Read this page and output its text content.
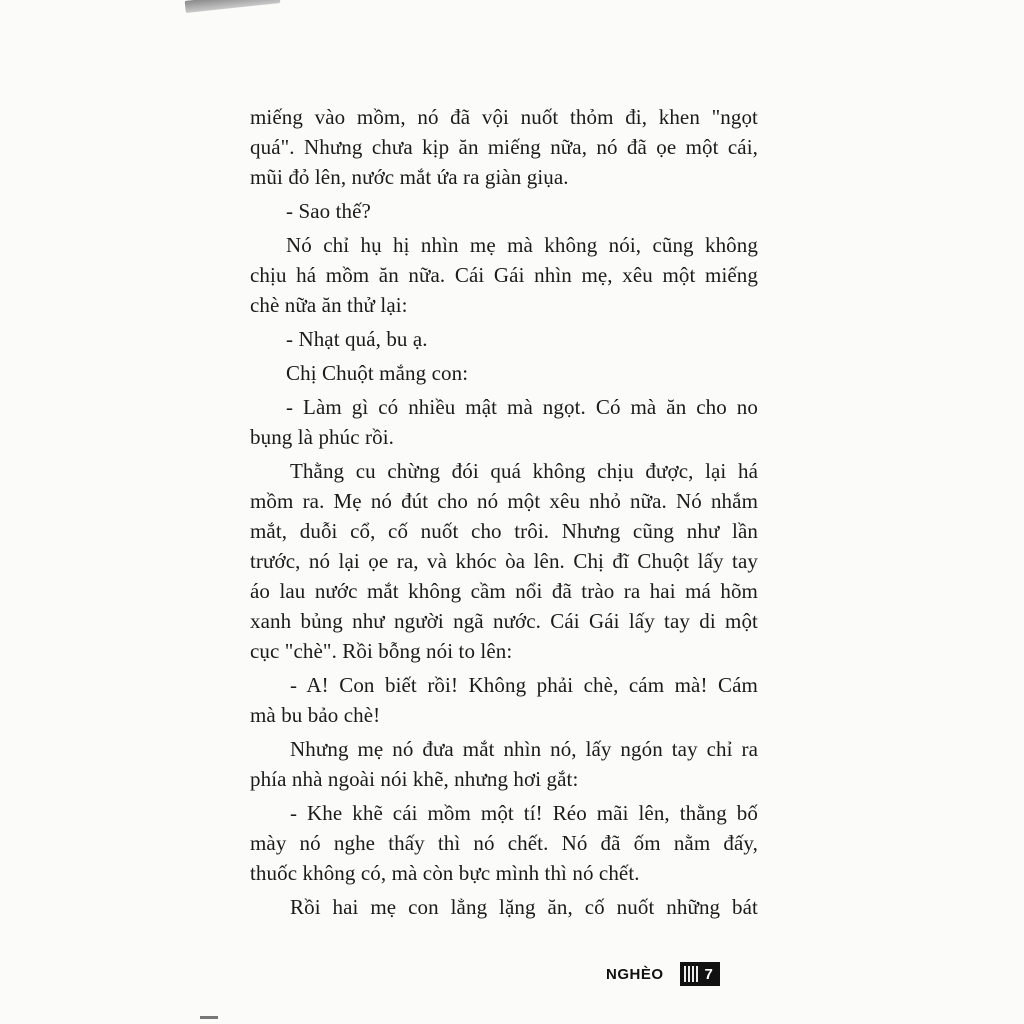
miếng vào mồm, nó đã vội nuốt thỏm đi, khen "ngọt
quá". Nhưng chưa kịp ăn miếng nữa, nó đã ọe một cái,
mũi đỏ lên, nước mắt ứa ra giàn giụa.
- Sao thế?
Nó chỉ hụ hị nhìn mẹ mà không nói, cũng không
chịu há mồm ăn nữa. Cái Gái nhìn mẹ, xêu một miếng
chè nữa ăn thử lại:
- Nhạt quá, bu ạ.
Chị Chuột mắng con:
- Làm gì có nhiều mật mà ngọt. Có mà ăn cho no
bụng là phúc rồi.
Thằng cu chừng đói quá không chịu được, lại há
mồm ra. Mẹ nó đút cho nó một xêu nhỏ nữa. Nó nhắm
mắt, duỗi cổ, cố nuốt cho trôi. Nhưng cũng như lần
trước, nó lại ọe ra, và khóc òa lên. Chị đĩ Chuột lấy tay
áo lau nước mắt không cầm nổi đã trào ra hai má hõm
xanh bủng như người ngã nước. Cái Gái lấy tay di một
cục "chè". Rồi bỗng nói to lên:
- A! Con biết rồi! Không phải chè, cám mà! Cám
mà bu bảo chè!
Nhưng mẹ nó đưa mắt nhìn nó, lấy ngón tay chỉ ra
phía nhà ngoài nói khẽ, nhưng hơi gắt:
- Khe khẽ cái mồm một tí! Réo mãi lên, thằng bố
mày nó nghe thấy thì nó chết. Nó đã ốm nằm đấy,
thuốc không có, mà còn bực mình thì nó chết.
Rồi hai mẹ con lẳng lặng ăn, cố nuốt những bát
NGHÈO	7
